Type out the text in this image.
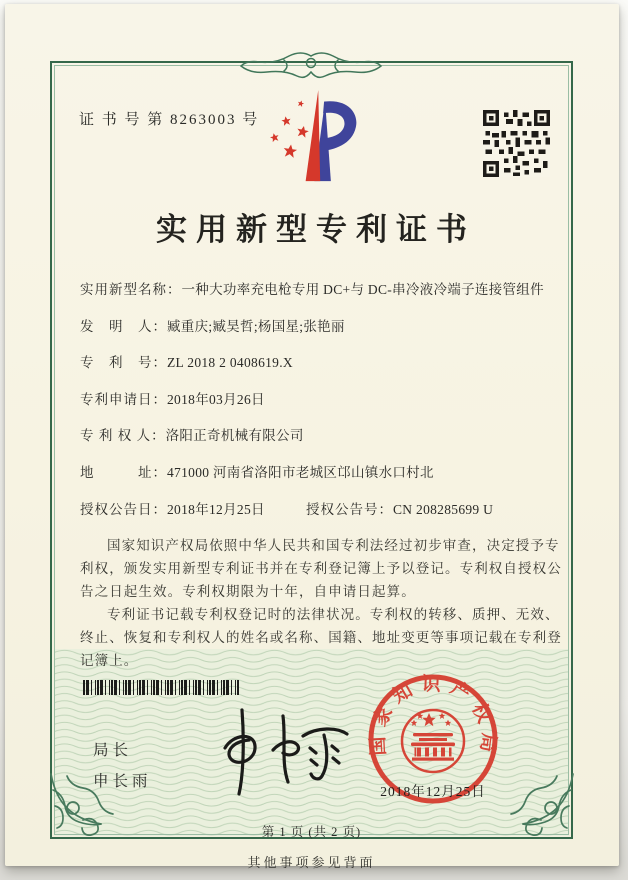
证 书 号 第 8263003 号
实用新型专利证书
实用新型名称：一种大功率充电枪专用 DC+与 DC-串冷液冷端子连接管组件
发　明　人：臧重庆;臧昊哲;杨国星;张艳丽
专　利　号：ZL 2018 2 0408619.X
专利申请日：2018年03月26日
专 利 权 人：洛阳正奇机械有限公司
地　　　址：471000 河南省洛阳市老城区邙山镇水口村北
授权公告日：2018年12月25日	授权公告号：CN 208285699 U

国家知识产权局依照中华人民共和国专利法经过初步审查，决定授予专利权，颁发实用新型专利证书并在专利登记簿上予以登记。专利权自授权公告之日起生效。专利权期限为十年，自申请日起算。

专利证书记载专利权登记时的法律状况。专利权的转移、质押、无效、终止、恢复和专利权人的姓名或名称、国籍、地址变更等事项记载在专利登记簿上。

局长
申长雨
国家知识产权局
2018年12月25日
第 1 页 (共 2 页)
其他事项参见背面
